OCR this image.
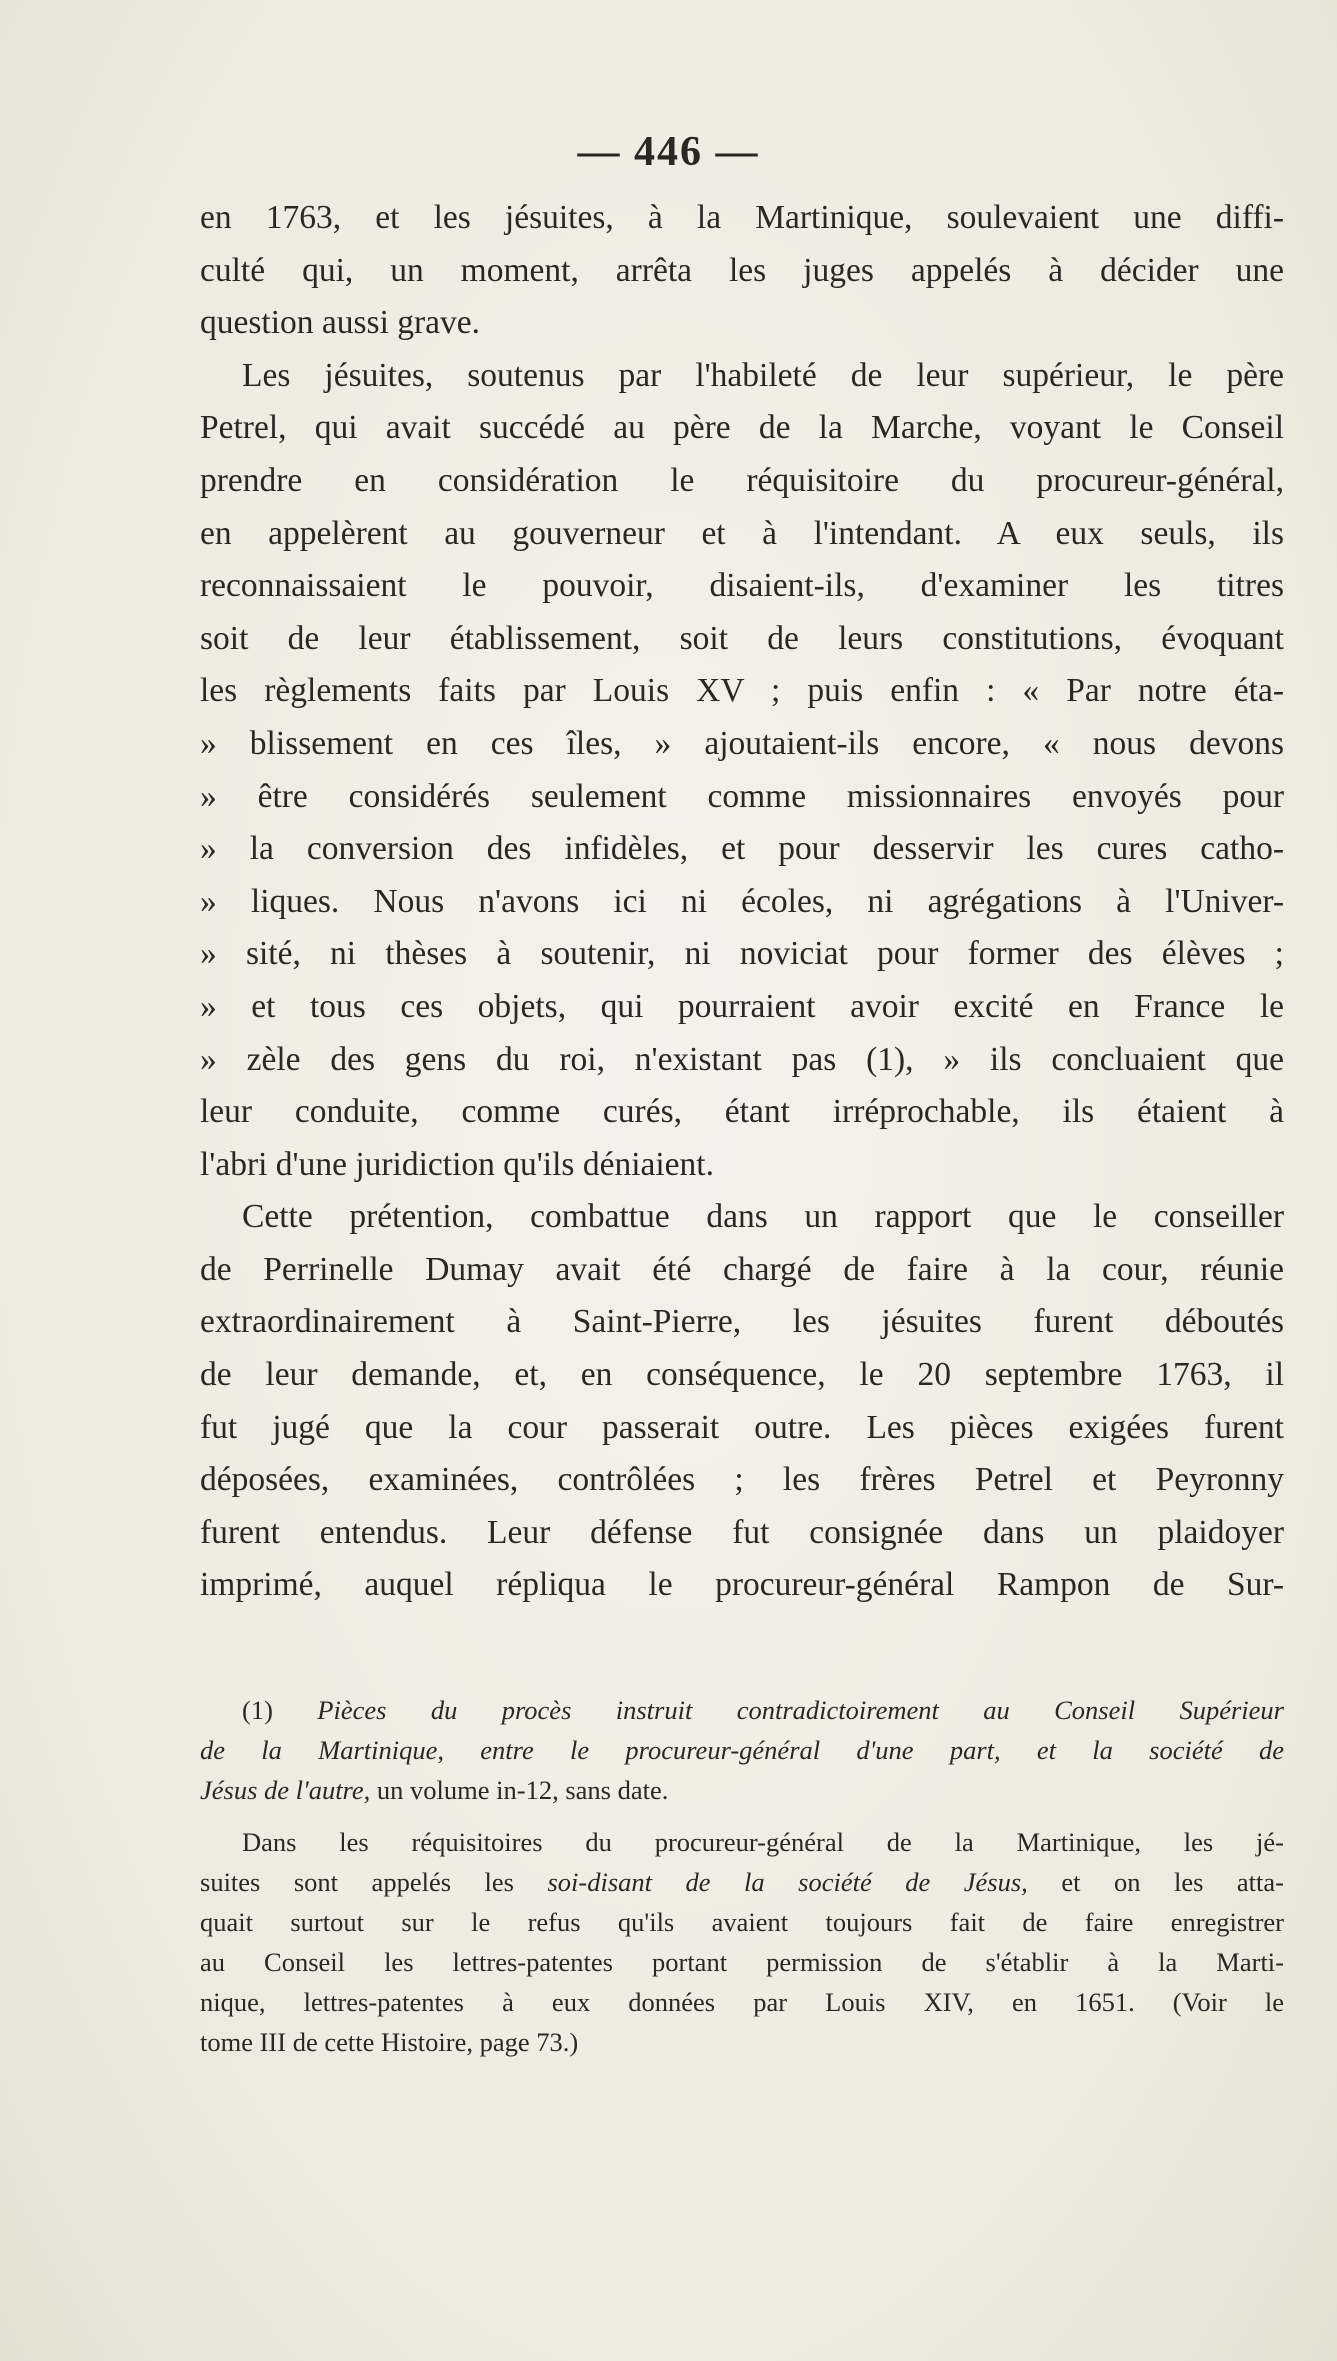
— 446 —
en 1763, et les jésuites, à la Martinique, soulevaient une diffi-
culté qui, un moment, arrêta les juges appelés à décider une
question aussi grave.
Les jésuites, soutenus par l'habileté de leur supérieur, le père
Petrel, qui avait succédé au père de la Marche, voyant le Conseil
prendre en considération le réquisitoire du procureur-général,
en appelèrent au gouverneur et à l'intendant. A eux seuls, ils
reconnaissaient le pouvoir, disaient-ils, d'examiner les titres
soit de leur établissement, soit de leurs constitutions, évoquant
les règlements faits par Louis XV ; puis enfin : « Par notre éta-
» blissement en ces îles, » ajoutaient-ils encore, « nous devons
» être considérés seulement comme missionnaires envoyés pour
» la conversion des infidèles, et pour desservir les cures catho-
» liques. Nous n'avons ici ni écoles, ni agrégations à l'Univer-
» sité, ni thèses à soutenir, ni noviciat pour former des élèves ;
» et tous ces objets, qui pourraient avoir excité en France le
» zèle des gens du roi, n'existant pas (1), » ils concluaient que
leur conduite, comme curés, étant irréprochable, ils étaient à
l'abri d'une juridiction qu'ils déniaient.
Cette prétention, combattue dans un rapport que le conseiller
de Perrinelle Dumay avait été chargé de faire à la cour, réunie
extraordinairement à Saint-Pierre, les jésuites furent déboutés
de leur demande, et, en conséquence, le 20 septembre 1763, il
fut jugé que la cour passerait outre. Les pièces exigées furent
déposées, examinées, contrôlées ; les frères Petrel et Peyronny
furent entendus. Leur défense fut consignée dans un plaidoyer
imprimé, auquel répliqua le procureur-général Rampon de Sur-
(1) Pièces du procès instruit contradictoirement au Conseil Supérieur
de la Martinique, entre le procureur-général d'une part, et la société de
Jésus de l'autre, un volume in-12, sans date.
Dans les réquisitoires du procureur-général de la Martinique, les jé-
suites sont appelés les soi-disant de la société de Jésus, et on les atta-
quait surtout sur le refus qu'ils avaient toujours fait de faire enregistrer
au Conseil les lettres-patentes portant permission de s'établir à la Marti-
nique, lettres-patentes à eux données par Louis XIV, en 1651. (Voir le
tome III de cette Histoire, page 73.)
